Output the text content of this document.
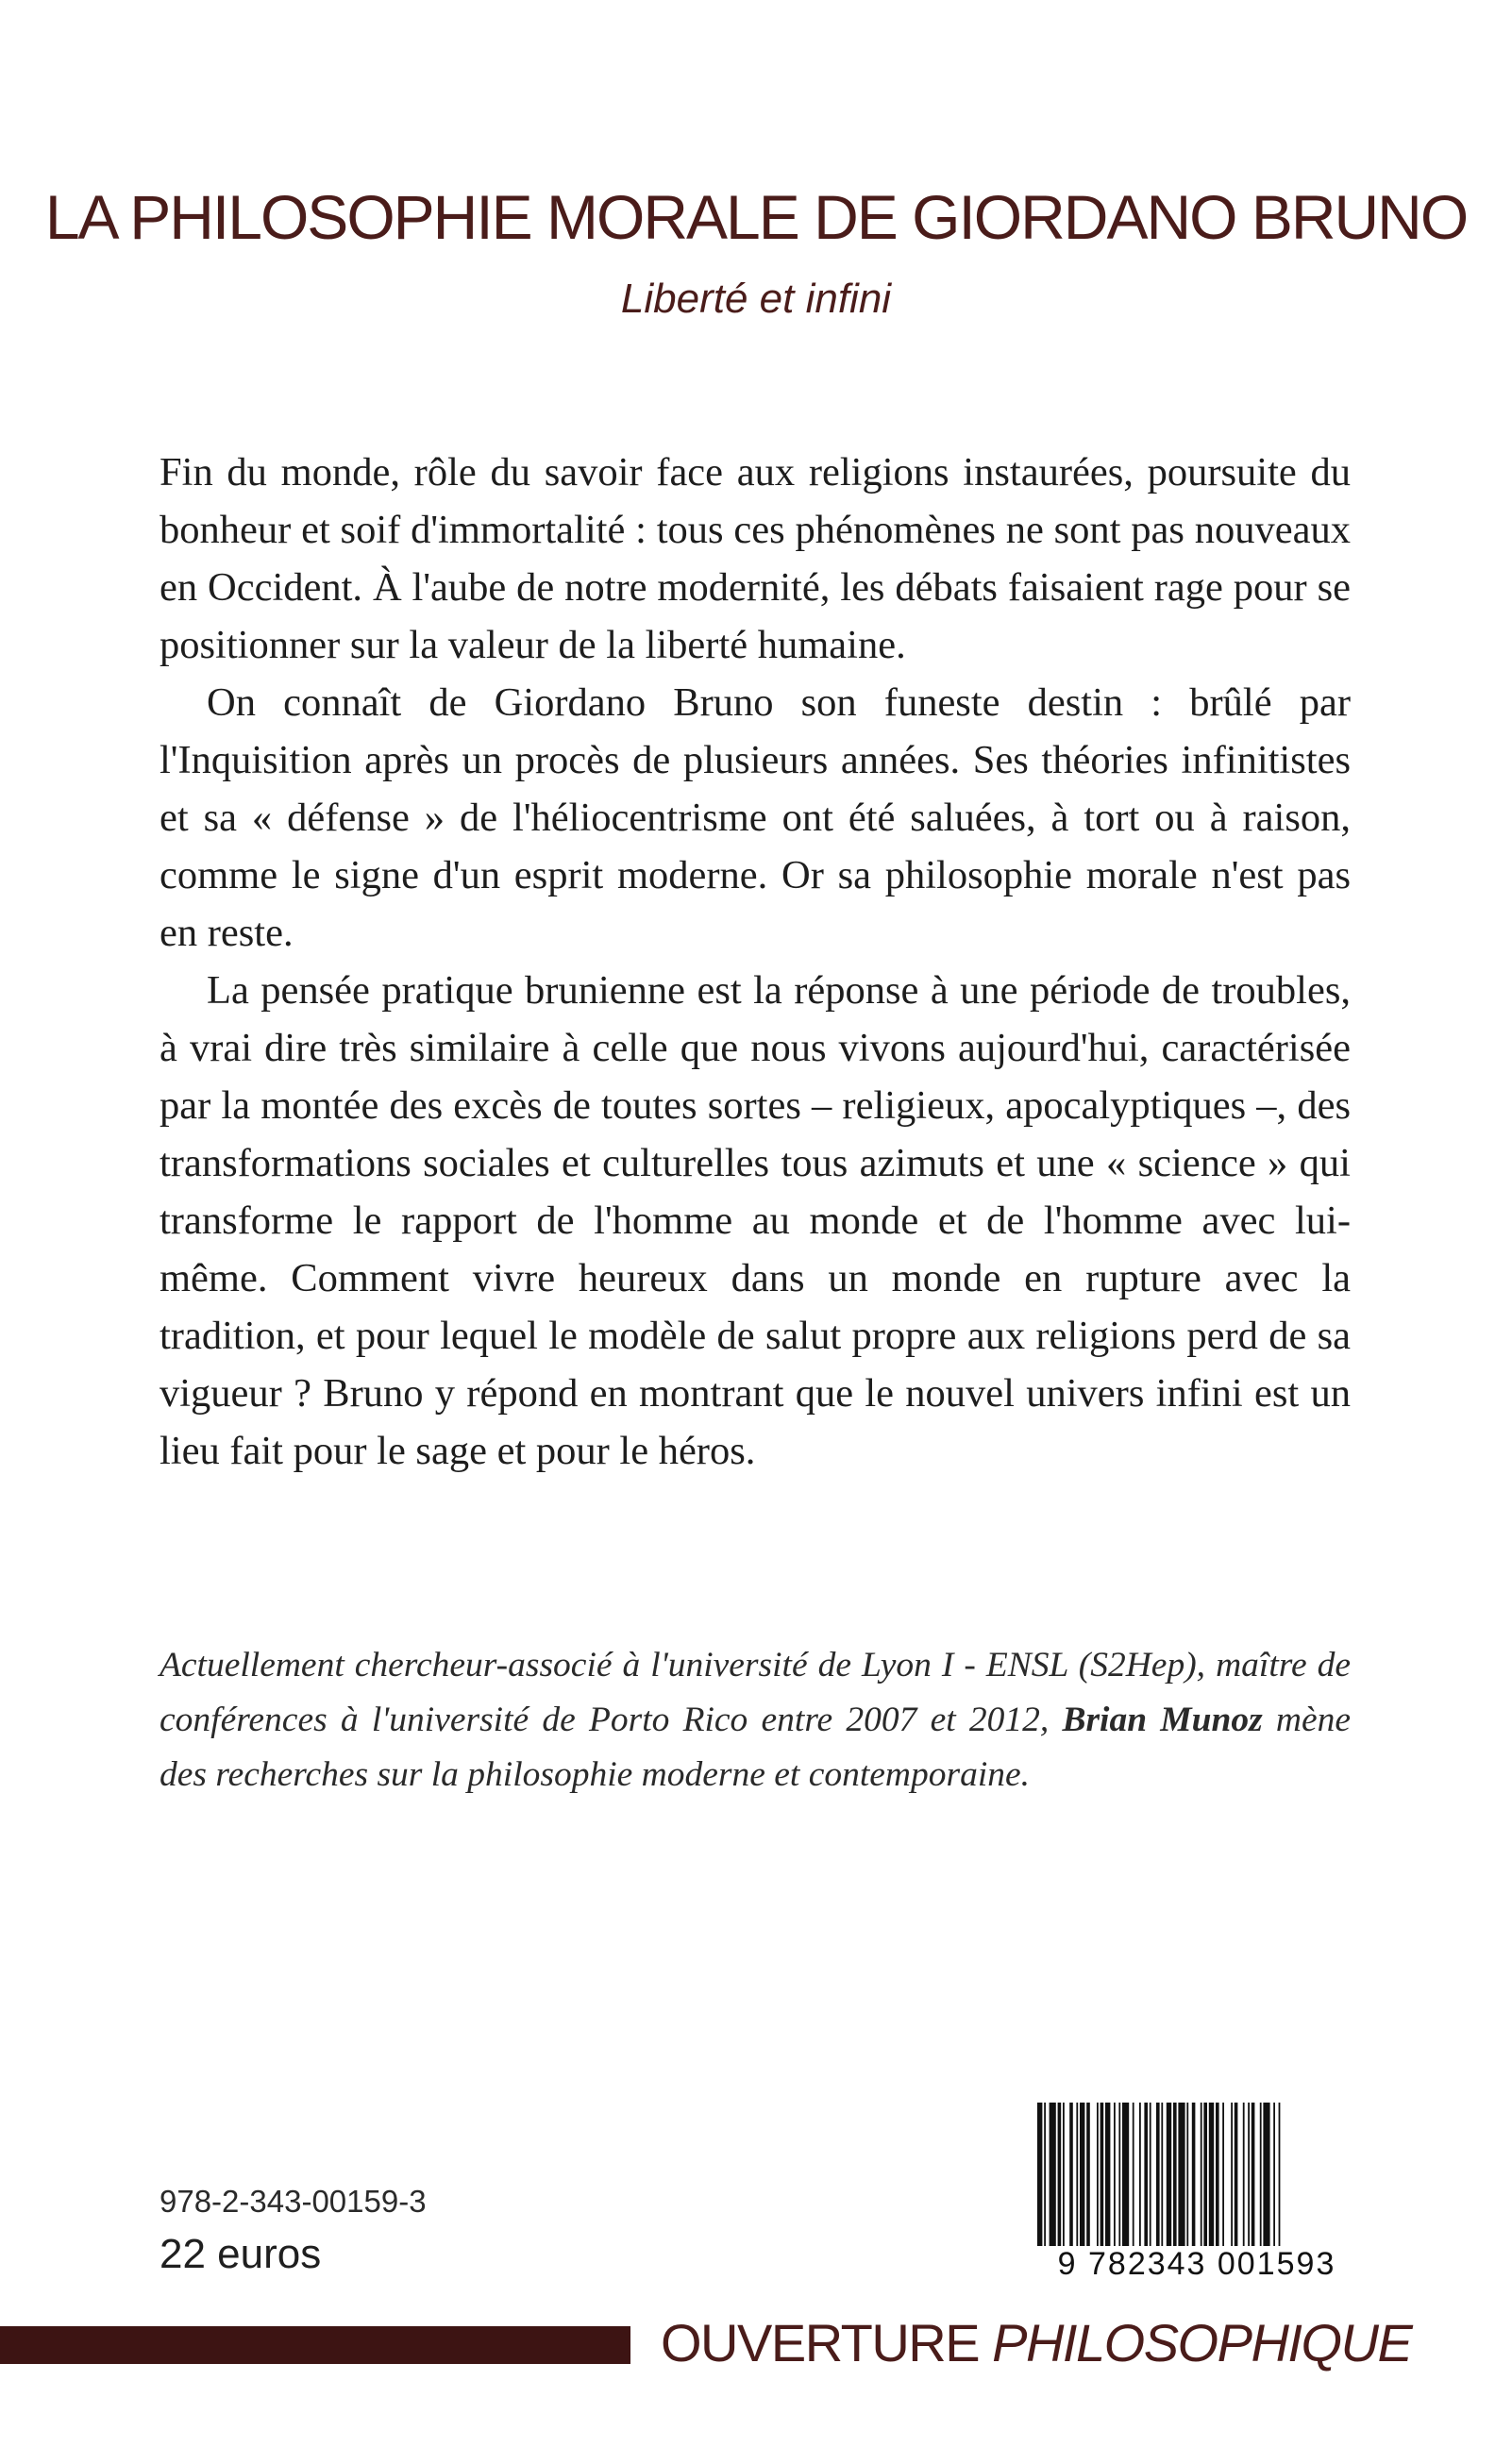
LA PHILOSOPHIE MORALE DE GIORDANO BRUNO
Liberté et infini

Fin du monde, rôle du savoir face aux religions instaurées, poursuite du bonheur et soif d'immortalité : tous ces phénomènes ne sont pas nouveaux en Occident. À l'aube de notre modernité, les débats faisaient rage pour se positionner sur la valeur de la liberté humaine.

On connaît de Giordano Bruno son funeste destin : brûlé par l'Inquisition après un procès de plusieurs années. Ses théories infinitistes et sa « défense » de l'héliocentrisme ont été saluées, à tort ou à raison, comme le signe d'un esprit moderne. Or sa philosophie morale n'est pas en reste.

La pensée pratique brunienne est la réponse à une période de troubles, à vrai dire très similaire à celle que nous vivons aujourd'hui, caractérisée par la montée des excès de toutes sortes – religieux, apocalyptiques –, des transformations sociales et culturelles tous azimuts et une « science » qui transforme le rapport de l'homme au monde et de l'homme avec lui-même. Comment vivre heureux dans un monde en rupture avec la tradition, et pour lequel le modèle de salut propre aux religions perd de sa vigueur ? Bruno y répond en montrant que le nouvel univers infini est un lieu fait pour le sage et pour le héros.

Actuellement chercheur-associé à l'université de Lyon I - ENSL (S2Hep), maître de conférences à l'université de Porto Rico entre 2007 et 2012, Brian Munoz mène des recherches sur la philosophie moderne et contemporaine.

978-2-343-00159-3
22 euros	9 782343 001593
OUVERTURE PHILOSOPHIQUE
